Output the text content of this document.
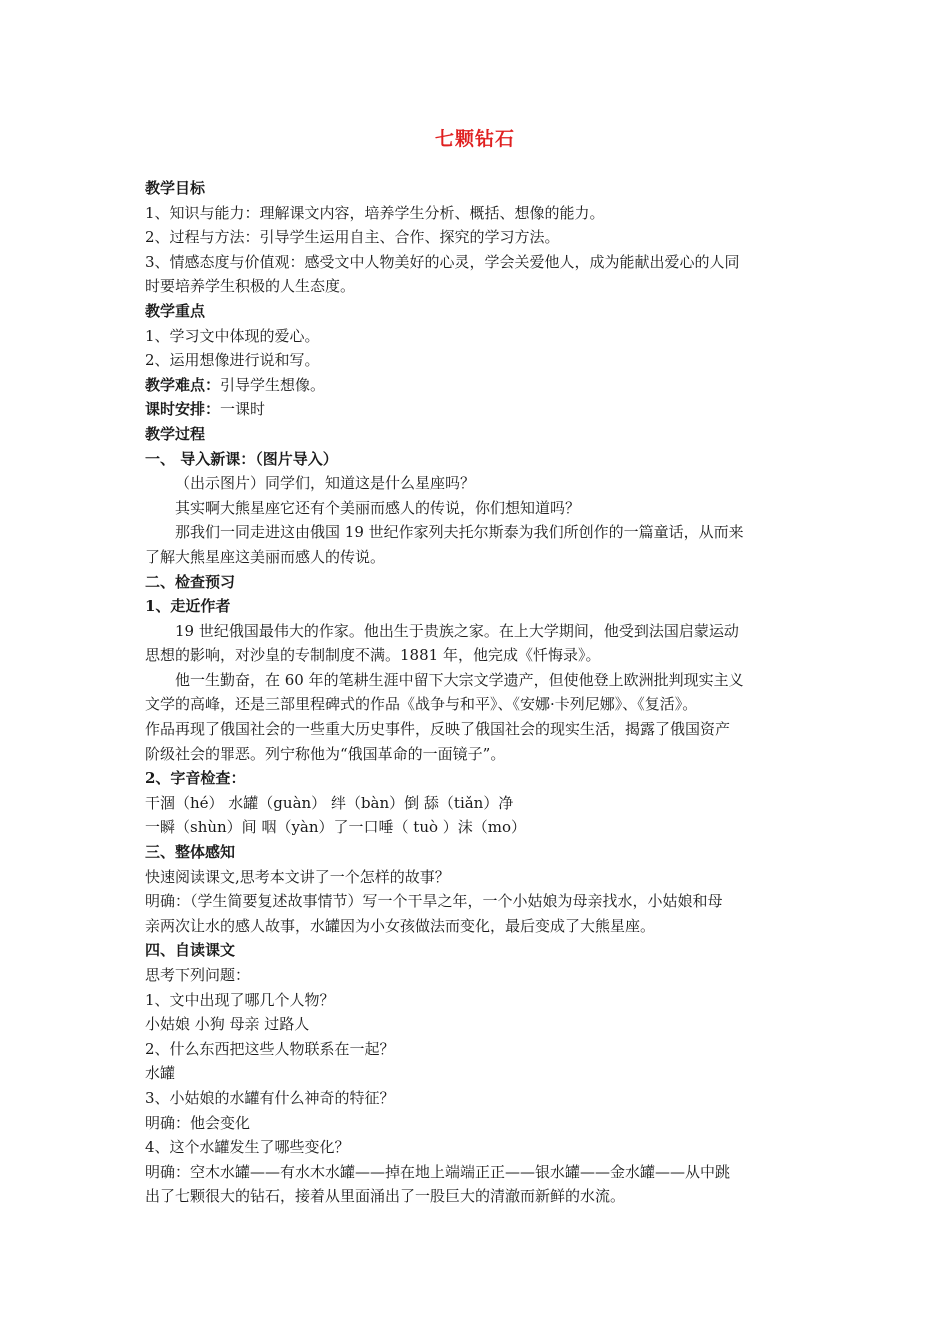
七颗钻石
教学目标
1、知识与能力：理解课文内容，培养学生分析、概括、想像的能力。
2、过程与方法：引导学生运用自主、合作、探究的学习方法。
3、情感态度与价值观：感受文中人物美好的心灵，学会关爱他人，成为能献出爱心的人同
时要培养学生积极的人生态度。
教学重点
1、学习文中体现的爱心。
2、运用想像进行说和写。
教学难点：引导学生想像。
课时安排：一课时
教学过程
一、 导入新课：（图片导入）
（出示图片）同学们，知道这是什么星座吗？
其实啊大熊星座它还有个美丽而感人的传说，你们想知道吗？
那我们一同走进这由俄国 19 世纪作家列夫托尔斯泰为我们所创作的一篇童话，从而来
了解大熊星座这美丽而感人的传说。
二、检查预习
1、走近作者
19 世纪俄国最伟大的作家。他出生于贵族之家。在上大学期间，他受到法国启蒙运动
思想的影响，对沙皇的专制制度不满。1881 年，他完成《忏悔录》。
他一生勤奋，在 60 年的笔耕生涯中留下大宗文学遗产，但使他登上欧洲批判现实主义
文学的高峰，还是三部里程碑式的作品《战争与和平》、《安娜·卡列尼娜》、《复活》。
作品再现了俄国社会的一些重大历史事件，反映了俄国社会的现实生活，揭露了俄国资产
阶级社会的罪恶。列宁称他为“俄国革命的一面镜子”。
2、字音检查：
干涸（hé） 水罐（guàn） 绊（bàn）倒 舔（tiǎn）净
一瞬（shùn）间 咽（yàn）了一口唾（ tuò ）沫（mo）
三、整体感知
快速阅读课文,思考本文讲了一个怎样的故事？
明确：（学生简要复述故事情节）写一个干旱之年，一个小姑娘为母亲找水，小姑娘和母
亲两次让水的感人故事，水罐因为小女孩做法而变化，最后变成了大熊星座。
四、自读课文
思考下列问题：
1、文中出现了哪几个人物？
小姑娘 小狗 母亲 过路人
2、什么东西把这些人物联系在一起？
水罐
3、小姑娘的水罐有什么神奇的特征？
明确：他会变化
4、这个水罐发生了哪些变化？
明确：空木水罐——有水木水罐——掉在地上端端正正——银水罐——金水罐——从中跳
出了七颗很大的钻石，接着从里面涌出了一股巨大的清澈而新鲜的水流。
